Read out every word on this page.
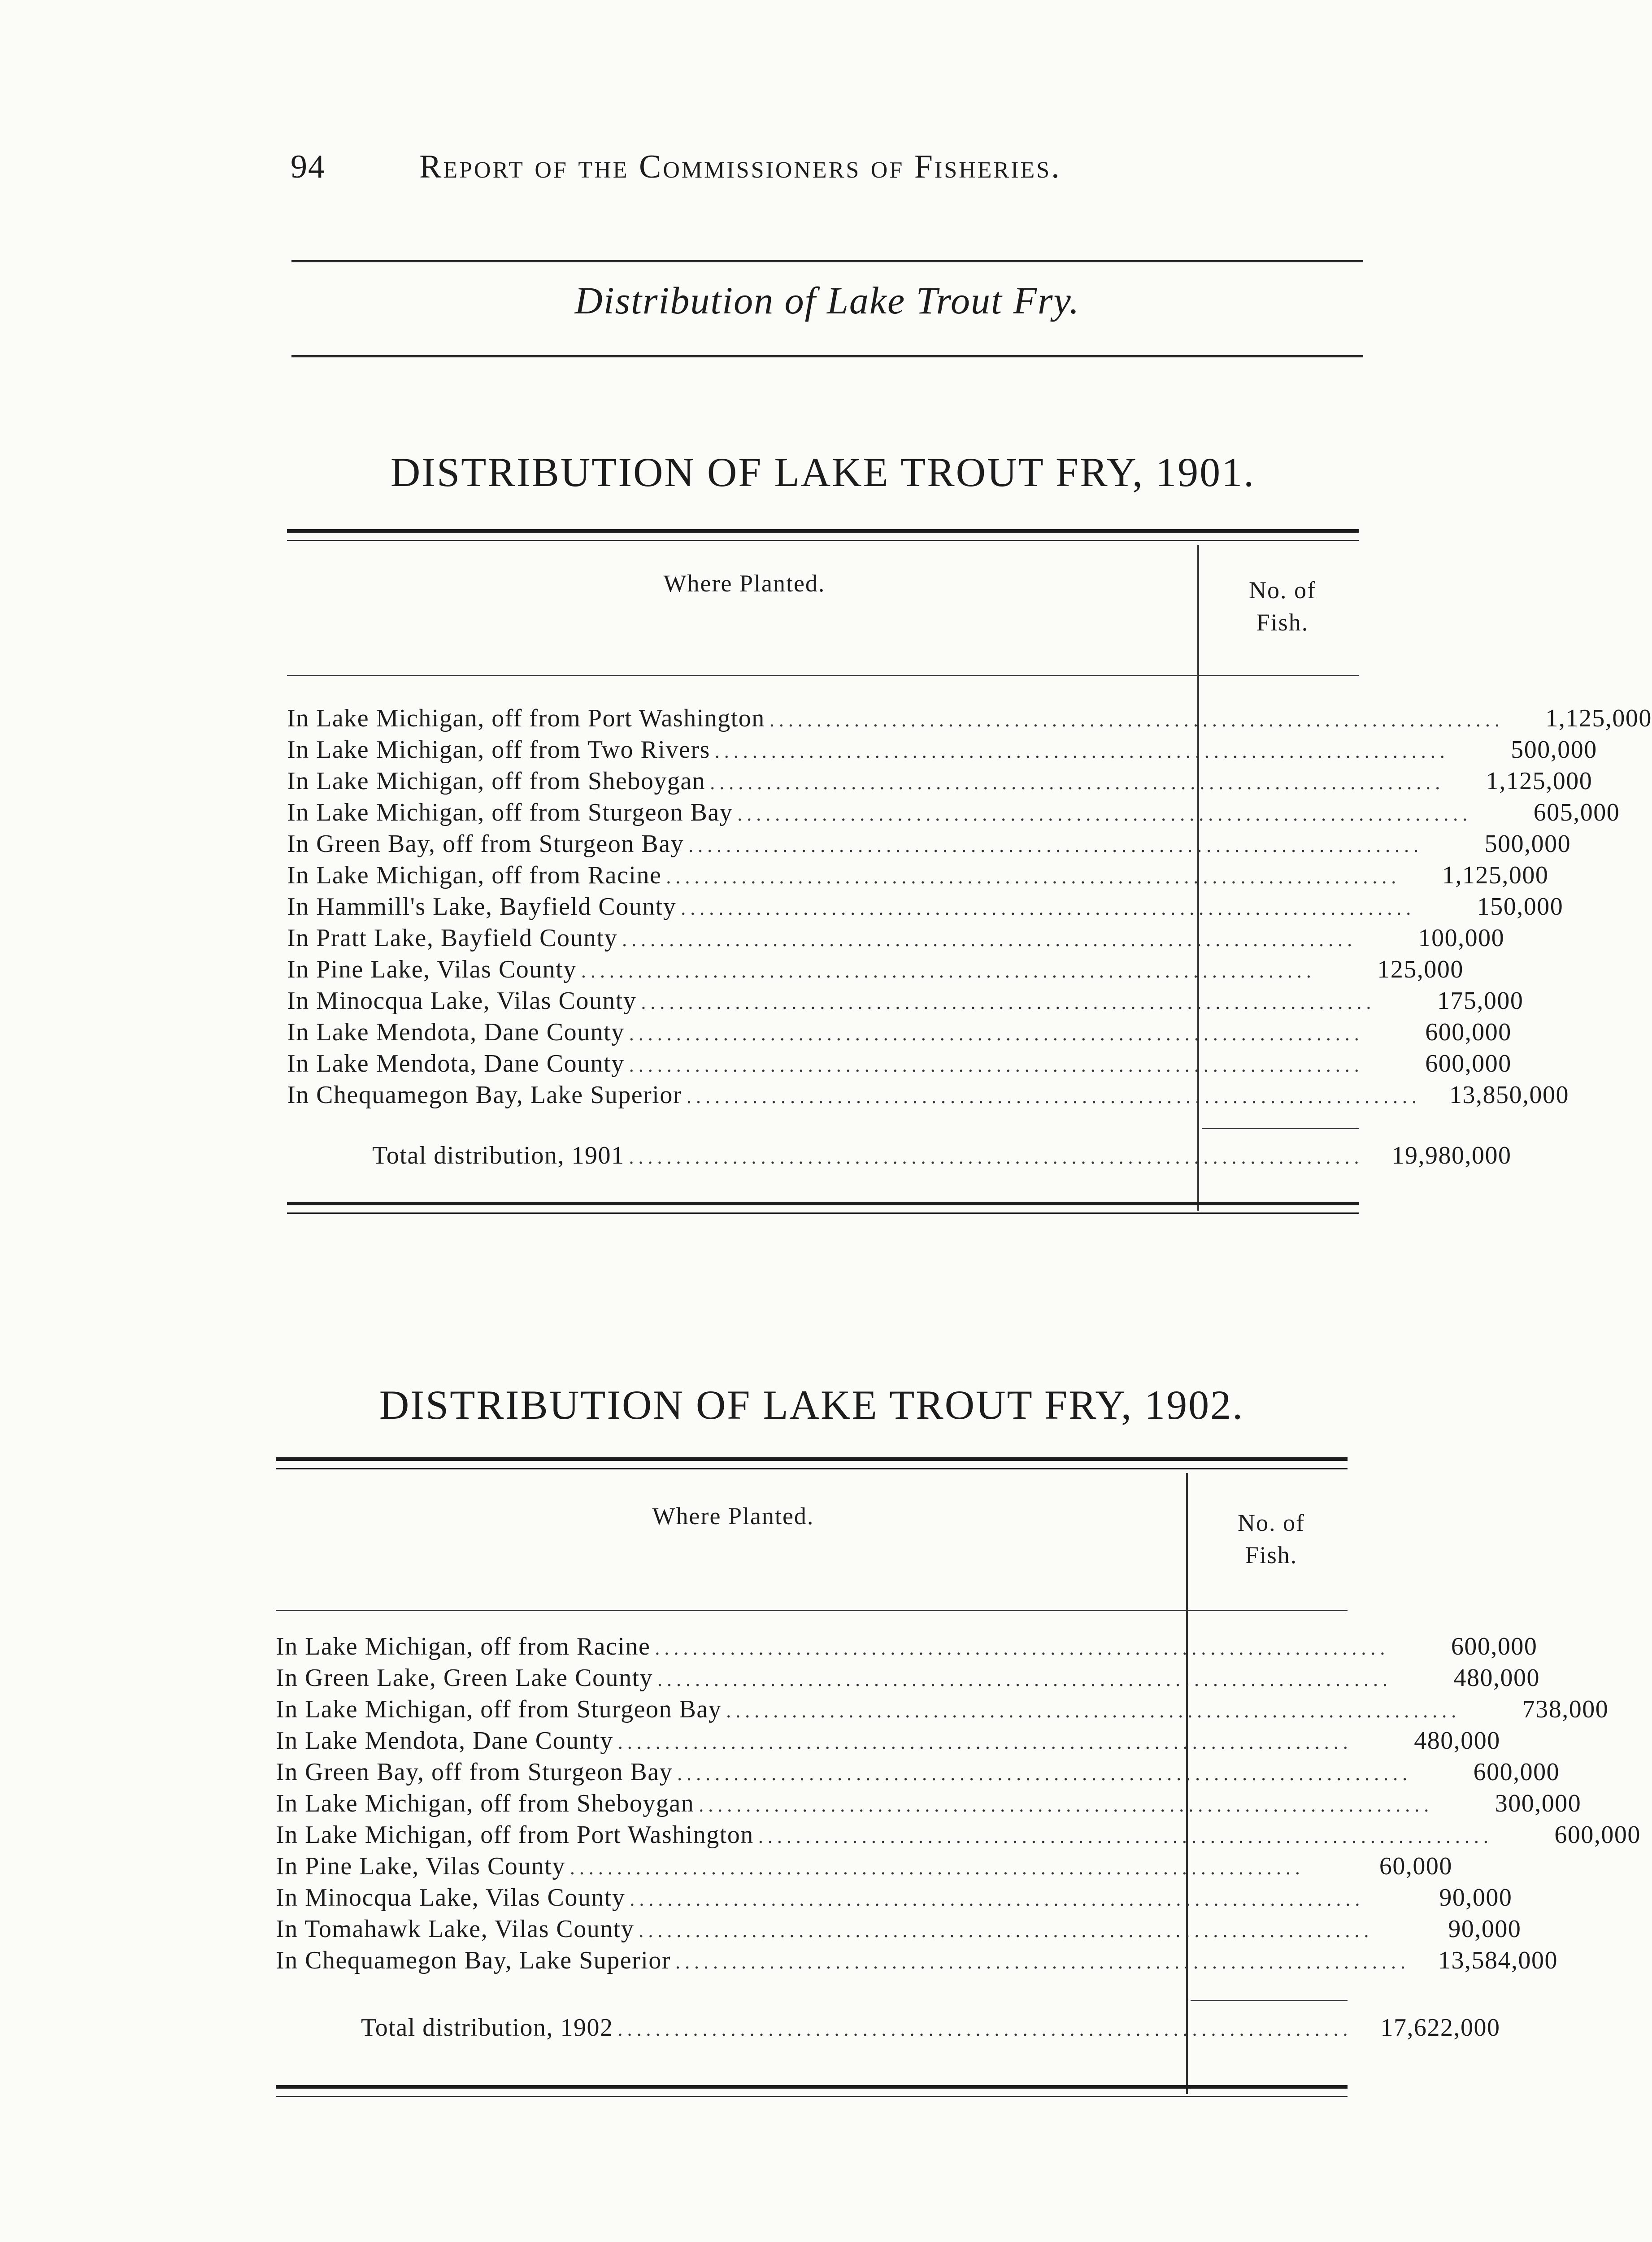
94	Report of the Commissioners of Fisheries.
Distribution of Lake Trout Fry.
DISTRIBUTION OF LAKE TROUT FRY, 1901.
Where Planted.	No. of
Fish.
In Lake Michigan, off from Port Washington ..............................................................................	1,125,000
In Lake Michigan, off from Two Rivers ..............................................................................	500,000
In Lake Michigan, off from Sheboygan ..............................................................................	1,125,000
In Lake Michigan, off from Sturgeon Bay ..............................................................................	605,000
In Green Bay, off from Sturgeon Bay ..............................................................................	500,000
In Lake Michigan, off from Racine ..............................................................................	1,125,000
In Hammill's Lake, Bayfield County ..............................................................................	150,000
In Pratt Lake, Bayfield County ..............................................................................	100,000
In Pine Lake, Vilas County ..............................................................................	125,000
In Minocqua Lake, Vilas County ..............................................................................	175,000
In Lake Mendota, Dane County ..............................................................................	600,000
In Lake Mendota, Dane County ..............................................................................	600,000
In Chequamegon Bay, Lake Superior ..............................................................................	13,850,000
Total distribution, 1901 ..............................................................................	19,980,000
DISTRIBUTION OF LAKE TROUT FRY, 1902.
Where Planted.	No. of
Fish.
In Lake Michigan, off from Racine ..............................................................................	600,000
In Green Lake, Green Lake County ..............................................................................	480,000
In Lake Michigan, off from Sturgeon Bay ..............................................................................	738,000
In Lake Mendota, Dane County ..............................................................................	480,000
In Green Bay, off from Sturgeon Bay ..............................................................................	600,000
In Lake Michigan, off from Sheboygan ..............................................................................	300,000
In Lake Michigan, off from Port Washington ..............................................................................	600,000
In Pine Lake, Vilas County ..............................................................................	60,000
In Minocqua Lake, Vilas County ..............................................................................	90,000
In Tomahawk Lake, Vilas County ..............................................................................	90,000
In Chequamegon Bay, Lake Superior ..............................................................................	13,584,000
Total distribution, 1902 ..............................................................................	17,622,000
